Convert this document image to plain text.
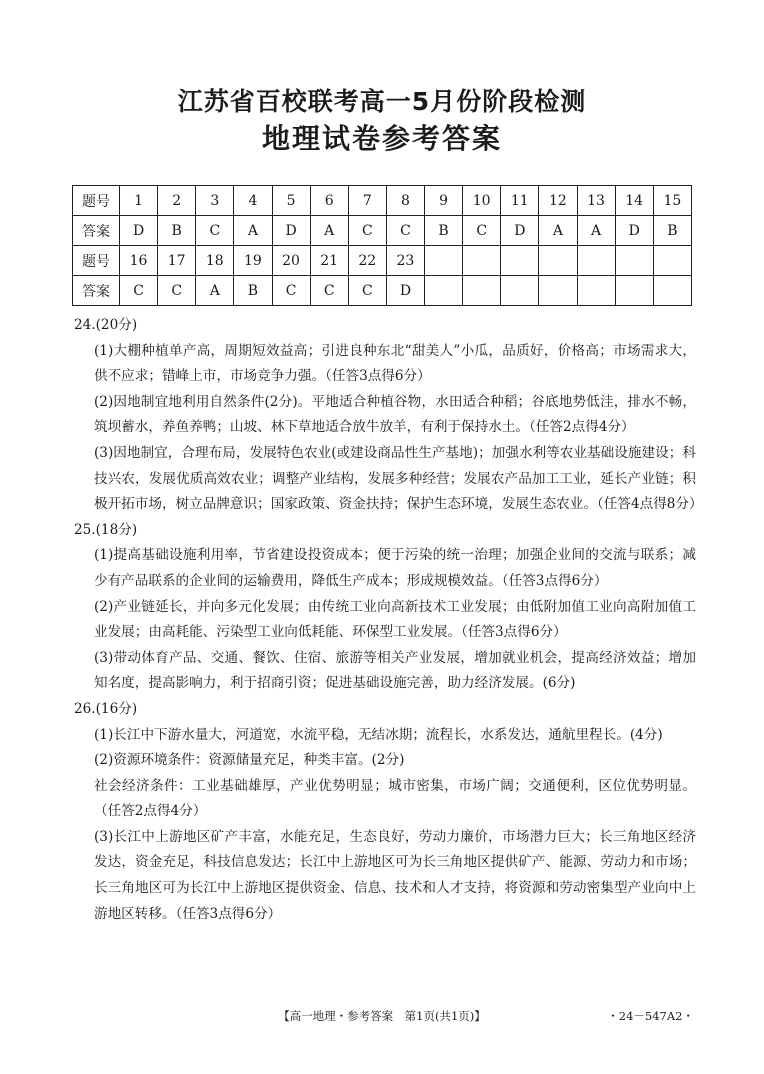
江苏省百校联考高一5月份阶段检测
地理试卷参考答案
题号	1	2	3	4	5	6	7	8	9	10	11	12	13	14	15
答案	D	B	C	A	D	A	C	C	B	C	D	A	A	D	B
题号	16	17	18	19	20	21	22	23							
答案	C	C	A	B	C	C	C	D							
24.(20分)
(1)大棚种植单产高，周期短效益高；引进良种东北“甜美人”小瓜，品质好，价格高；市场需求大，供不应求；错峰上市，市场竞争力强。（任答3点得6分）
(2)因地制宜地利用自然条件(2分)。平地适合种植谷物，水田适合种稻；谷底地势低洼，排水不畅，筑坝蓄水，养鱼养鸭；山坡、林下草地适合放牛放羊，有利于保持水土。（任答2点得4分）
(3)因地制宜，合理布局，发展特色农业(或建设商品性生产基地)；加强水利等农业基础设施建设；科技兴农，发展优质高效农业；调整产业结构，发展多种经营；发展农产品加工工业，延长产业链；积极开拓市场，树立品牌意识；国家政策、资金扶持；保护生态环境，发展生态农业。（任答4点得8分）
25.(18分)
(1)提高基础设施利用率，节省建设投资成本；便于污染的统一治理；加强企业间的交流与联系；减少有产品联系的企业间的运输费用，降低生产成本；形成规模效益。（任答3点得6分）
(2)产业链延长，并向多元化发展；由传统工业向高新技术工业发展；由低附加值工业向高附加值工业发展；由高耗能、污染型工业向低耗能、环保型工业发展。（任答3点得6分）
(3)带动体育产品、交通、餐饮、住宿、旅游等相关产业发展，增加就业机会，提高经济效益；增加知名度，提高影响力，利于招商引资；促进基础设施完善，助力经济发展。(6分)
26.(16分)
(1)长江中下游水量大，河道宽，水流平稳，无结冰期；流程长，水系发达，通航里程长。(4分)
(2)资源环境条件：资源储量充足，种类丰富。(2分)
社会经济条件：工业基础雄厚，产业优势明显；城市密集，市场广阔；交通便利，区位优势明显。（任答2点得4分）
(3)长江中上游地区矿产丰富，水能充足，生态良好，劳动力廉价，市场潜力巨大；长三角地区经济发达，资金充足，科技信息发达；长江中上游地区可为长三角地区提供矿产、能源、劳动力和市场；长三角地区可为长江中上游地区提供资金、信息、技术和人才支持，将资源和劳动密集型产业向中上游地区转移。（任答3点得6分）
【高一地理・参考答案　第1页(共1页)】	・24－547A2・
